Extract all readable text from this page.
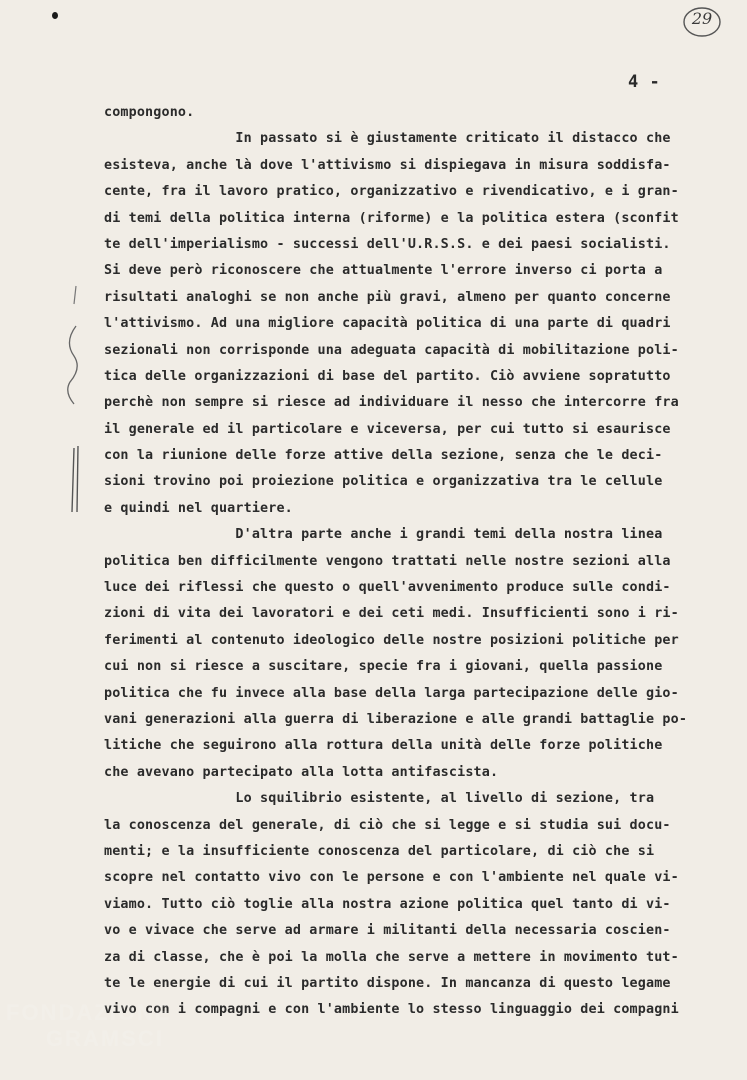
29
4 -
compongono.
In passato si è giustamente criticato il distacco che
esisteva, anche là dove l'attivismo si dispiegava in misura soddisfa-
cente, fra il lavoro pratico, organizzativo e rivendicativo, e i gran-
di temi della politica interna (riforme) e la politica estera (sconfit
te dell'imperialismo - successi dell'U.R.S.S. e dei paesi socialisti.
Si deve però riconoscere che attualmente l'errore inverso ci porta a
risultati analoghi se non anche più gravi, almeno per quanto concerne
l'attivismo. Ad una migliore capacità politica di una parte di quadri
sezionali non corrisponde una adeguata capacità di mobilitazione poli-
tica delle organizzazioni di base del partito. Ciò avviene sopratutto
perchè non sempre si riesce ad individuare il nesso che intercorre fra
il generale ed il particolare e viceversa, per cui tutto si esaurisce
con la riunione delle forze attive della sezione, senza che le deci-
sioni trovino poi proiezione politica e organizzativa tra le cellule
e quindi nel quartiere.
D'altra parte anche i grandi temi della nostra linea
politica ben difficilmente vengono trattati nelle nostre sezioni alla
luce dei riflessi che questo o quell'avvenimento produce sulle condi-
zioni di vita dei lavoratori e dei ceti medi. Insufficienti sono i ri-
ferimenti al contenuto ideologico delle nostre posizioni politiche per
cui non si riesce a suscitare, specie fra i giovani, quella passione
politica che fu invece alla base della larga partecipazione delle gio-
vani generazioni alla guerra di liberazione e alle grandi battaglie po-
litiche che seguirono alla rottura della unità delle forze politiche
che avevano partecipato alla lotta antifascista.
Lo squilibrio esistente, al livello di sezione, tra
la conoscenza del generale, di ciò che si legge e si studia sui docu-
menti; e la insufficiente conoscenza del particolare, di ciò che si
scopre nel contatto vivo con le persone e con l'ambiente nel quale vi-
viamo. Tutto ciò toglie alla nostra azione politica quel tanto di vi-
vo e vivace che serve ad armare i militanti della necessaria coscien-
za di classe, che è poi la molla che serve a mettere in movimento tut-
te le energie di cui il partito dispone. In mancanza di questo legame
vivo con i compagni e con l'ambiente lo stesso linguaggio dei compagni
FONDAZIONE
GRAMSCI
